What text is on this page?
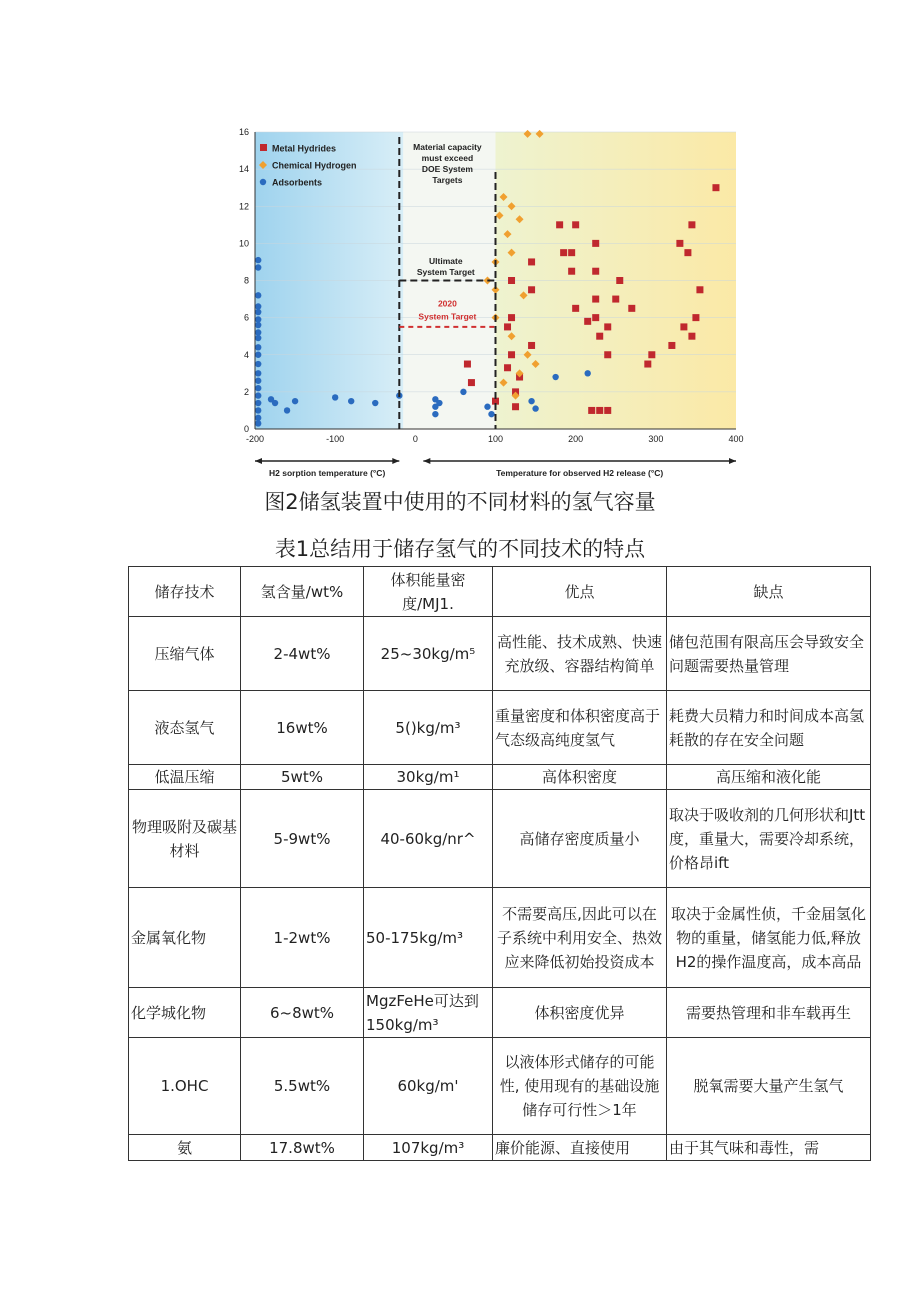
0
2
4
6
8
10
12
14
16
-200	-100	0	100	200	300	400
H2 sorption temperature (°C)	Temperature for observed H2 release (°C)
Metal Hydrides
Chemical Hydrogen
Adsorbents
Material capacity
must exceed
DOE System
Targets
Ultimate
System Target
2020
System Target
图2储氢装置中使用的不同材料的氢气容量
表1总结用于储存氢气的不同技术的特点
储存技术	氢含量/wt%	体积能量密度/MJ1.	优点	缺点
压缩气体	2-4wt%	25~30kg∕m⁵	高性能、技术成熟、快速充放级、容器结构简单	储包范围有限高压会导致安全问题需要热量管理
液态氢气	16wt%	5()kg∕m³	重量密度和体积密度高于气态级高纯度氢气	耗费大员精力和时间成本高氢耗散的存在安全问题
低温压缩	5wt%	30kg∕m¹	高体积密度	高压缩和液化能
物理吸附及碳基材料	5-9wt%	40-60kg∕nr^	高储存密度质量小	取决于吸收剂的几何形状和Jtt度，重量大，需要冷却系统，价格昂ift
金属氧化物	1-2wt%	50-175kg∕m³	不需要高压,因此可以在子系统中利用安全、热效应来降低初始投资成本	取决于金属性侦，千金届氢化物的重量，储氢能力低,释放H2的操作温度高，成本高品
化学城化物	6~8wt%	MgzFeHe可达到150kg∕m³	体积密度优异	需要热管理和非车载再生
1.OHC	5.5wt%	60kg∕m'	以液体形式储存的可能性, 使用现有的基础设施储存可行性＞1年	脱氧需要大量产生氢气
氨	17.8wt%	107kg∕m³	廉价能源、直接使用	由于其气味和毒性，需
